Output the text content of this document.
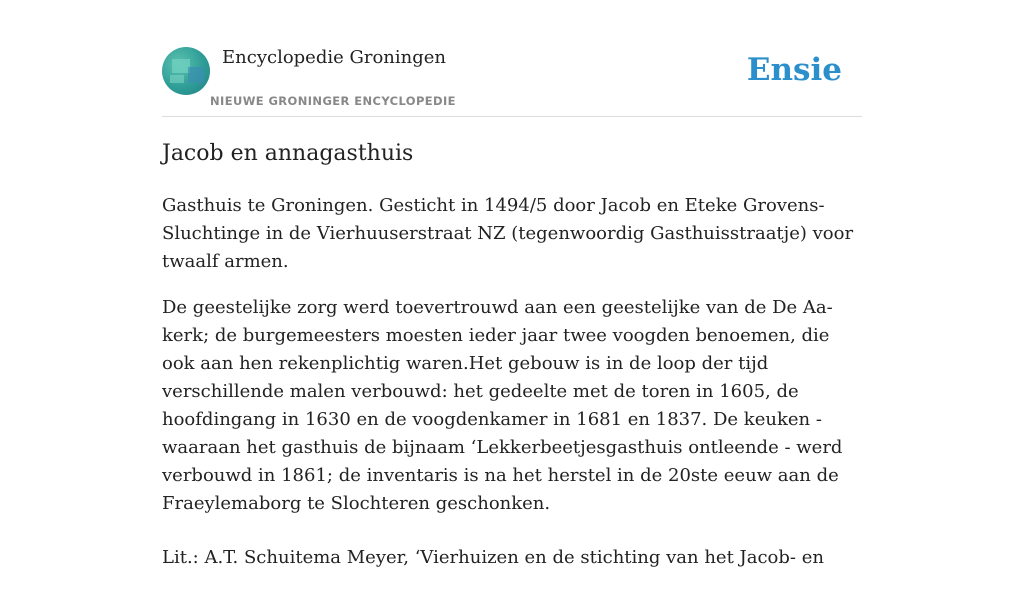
Encyclopedie Groningen
NIEUWE GRONINGER ENCYCLOPEDIE
Ensie
Jacob en annagasthuis

Gasthuis te Groningen. Gesticht in 1494/5 door Jacob en Eteke Grovens-Sluchtinge in de Vierhuuserstraat NZ (tegenwoordig Gasthuisstraatje) voor twaalf armen.

De geestelijke zorg werd toevertrouwd aan een geestelijke van de De Aa-kerk; de burgemeesters moesten ieder jaar twee voogden benoemen, die ook aan hen rekenplichtig waren.Het gebouw is in de loop der tijd verschillende malen verbouwd: het gedeelte met de toren in 1605, de hoofdingang in 1630 en de voogdenkamer in 1681 en 1837. De keuken - waaraan het gasthuis de bijnaam ‘Lekkerbeetjesgasthuis ontleende - werd verbouwd in 1861; de inventaris is na het herstel in de 20ste eeuw aan de Fraeylemaborg te Slochteren geschonken.

Lit.: A.T. Schuitema Meyer, ‘Vierhuizen en de stichting van het Jacob- en
